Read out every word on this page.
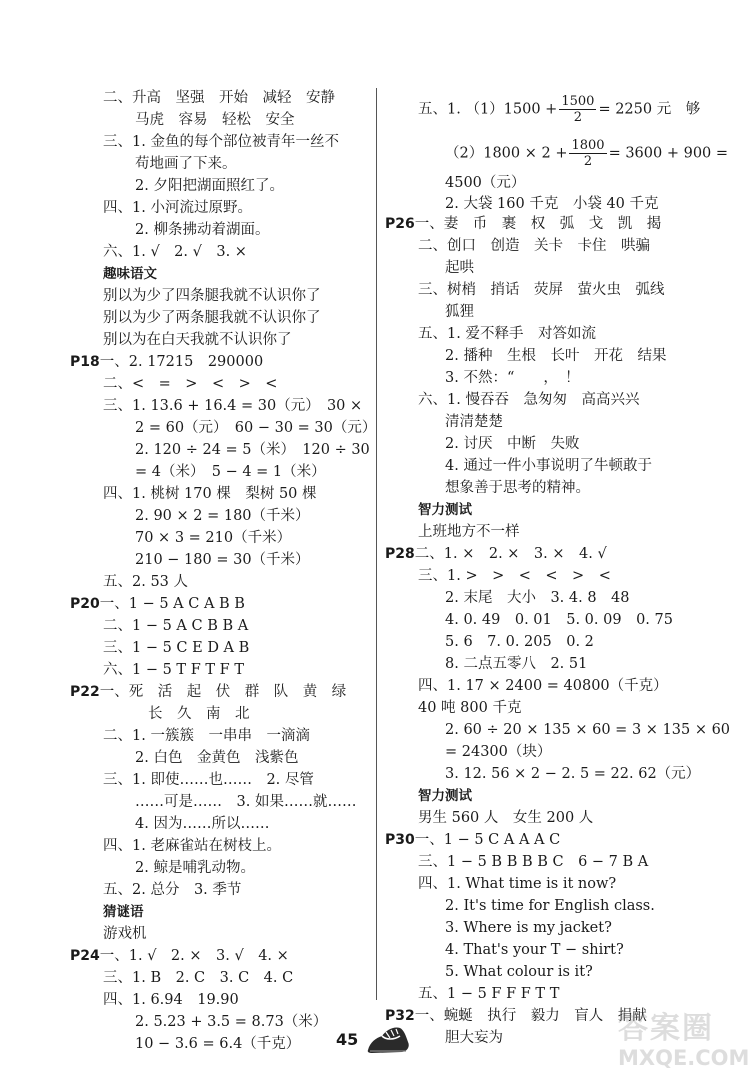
二、升高　坚强　开始　减轻　安静
马虎　容易　轻松　安全
三、1. 金鱼的每个部位被青年一丝不
苟地画了下来。
2. 夕阳把湖面照红了。
四、1. 小河流过原野。
2. 柳条拂动着湖面。
六、1. √　2. √　3. ×
趣味语文
别以为少了四条腿我就不认识你了
别以为少了两条腿我就不认识你了
别以为在白天我就不认识你了
P18一、2. 17215　290000
二、<　=　>　<　>　<
三、1. 13.6 + 16.4 = 30（元）　30 ×
2 = 60（元）　60 − 30 = 30（元）
2. 120 ÷ 24 = 5（米）　120 ÷ 30
= 4（米）　5 − 4 = 1（米）
四、1. 桃树 170 棵　梨树 50 棵
2. 90 × 2 = 180（千米）
70 × 3 = 210（千米）
210 − 180 = 30（千米）
五、2. 53 人
P20一、1 − 5 A C A B B
二、1 − 5 A C B B A
三、1 − 5 C E D A B
六、1 − 5 T F T F T
P22一、死　活　起　伏　群　队　黄　绿
长　久　南　北
二、1. 一簇簇　一串串　一滴滴
2. 白色　金黄色　浅紫色
三、1. 即使……也……　2. 尽管
……可是……　3. 如果……就……
4. 因为……所以……
四、1. 老麻雀站在树枝上。
2. 鲸是哺乳动物。
五、2. 总分　3. 季节
猜谜语
游戏机
P24一、1. √　2. ×　3. √　4. ×
三、1. B　2. C　3. C　4. C
四、1. 6.94　19.90
2. 5.23 + 3.5 = 8.73（米）
10 − 3.6 = 6.4（千克）
五、1. $(1)1500 + \frac{1500}{2} = 2250$ 元　够
$(2)1800 \times 2 + \frac{1800}{2} = 3600 + 900$ =
4500（元）
2. 大袋 160 千克　小袋 40 千克
P26一、妻　币　裹　权　弧　戈　凯　揭
二、创口　创造　关卡　卡住　哄骗
起哄
三、树梢　捎话　荧屏　萤火虫　弧线
狐狸
五、1. 爱不释手　对答如流
2. 播种　生根　长叶　开花　结果
3. 不然：“　　，　！
六、1. 慢吞吞　急匆匆　高高兴兴
清清楚楚
2. 讨厌　中断　失败
4. 通过一件小事说明了牛顿敢于
想象善于思考的精神。
智力测试
上班地方不一样
P28二、1. ×　2. ×　3. ×　4. √
三、1. >　>　<　<　>　<
2. 末尾　大小　3. 4. 8　48
4. 0. 49　0. 01　5. 0. 09　0. 75
5. 6　7. 0. 205　0. 2
8. 二点五零八　2. 51
四、1. 17 × 2400 = 40800（千克）
40 吨 800 千克
2. 60 ÷ 20 × 135 × 60 = 3 × 135 × 60
= 24300（块）
3. 12. 56 × 2 − 2. 5 = 22. 62（元）
智力测试
男生 560 人　女生 200 人
P30一、1 − 5 C A A A C
三、1 − 5 B B B B C　6 − 7 B A
四、1. What time is it now?
2. It's time for English class.
3. Where is my jacket?
4. That's your T − shirt?
5. What colour is it?
五、1 − 5 F F F T T
P32一、蜿蜒　执行　毅力　盲人　捐献
胆大妄为
45	答案圈
MXQE.COM
